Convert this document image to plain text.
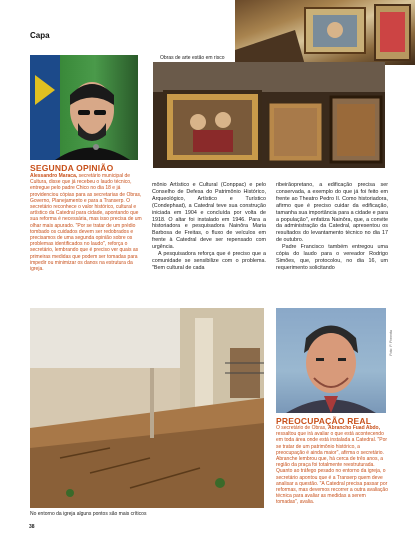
Capa
Obras de arte estão em risco
SEGUNDA OPINIÃO
Alessandro Maraca, secretário municipal de Cultura, disse que já recebeu o laudo técnico, entregue pelo padre Chico no dia 18 e já providenciou cópias para as secretarias de Obras, Governo, Planejamento e para a Transerp. O secretário reconhece o valor histórico, cultural e artístico da Catedral para cidade, apontando que sua reforma é necessária, mas isso precisa de um olhar mais apurado. "Por se tratar de um prédio tombado os cuidados devem ser redobrados e precisamos de uma segunda opinião sobre os problemas identificados no laudo", reforça o secretário, lembrando que é preciso ver quais as primeiras medidas que podem ser tomadas para impedir ou minimizar os danos na estrutura da igreja.

mônio Artístico e Cultural (Conppac) e pelo Conselho de Defesa do Patrimônio Histórico, Arqueológico, Artístico e Turístico (Condephaat), a Catedral teve sua construção iniciada em 1904 e concluída por volta de 1918. O altar foi instalado em 1946. Para a historiadora e pesquisadora Nainôra Maria Barbosa de Freitas, o fluxo de veículos em frente à Catedral deve ser repensado com urgência.

A pesquisadora reforça que é preciso que a comunidade se sensibilize com o problema. "Bem cultural de cada

ribeirãopretano, a edificação precisa ser conservada, a exemplo do que já foi feito em frente ao Theatro Pedro II. Como historiadora, afirmo que é preciso cuidar da edificação, tamanha sua importância para a cidade e para a população", enfatiza Nainôra, que, a convite da administração da Catedral, apresentou os resultados do levantamento técnico no dia 17 de outubro.

Padre Francisco também entregou uma cópia do laudo para o vereador Rodrigo Simões, que, protocolou, no dia 16, um requerimento solicitando

No entorno da igreja alguns pontos são mais críticos
Foto: P. Pimenta
PREOCUPAÇÃO REAL
O secretário de Obras, Abrancho Fuad Abdo, ressaltou que irá avaliar o que está acontecendo em toda área onde está instalada a Catedral. "Por se tratar de um patrimônio histórico, a preocupação é ainda maior", afirma o secretário. Abranche lembrou que, há cerca de três anos, a região da praça foi totalmente reestruturada. Quanto ao tráfego pesado no entorno da igreja, o secretário apontou que é a Transerp quem deve analisar a questão. "A Catedral precisa passar por reformas, mas devemos recorrer a outra avaliação técnica para avaliar as medidas a serem tomadas", avalia.
38
